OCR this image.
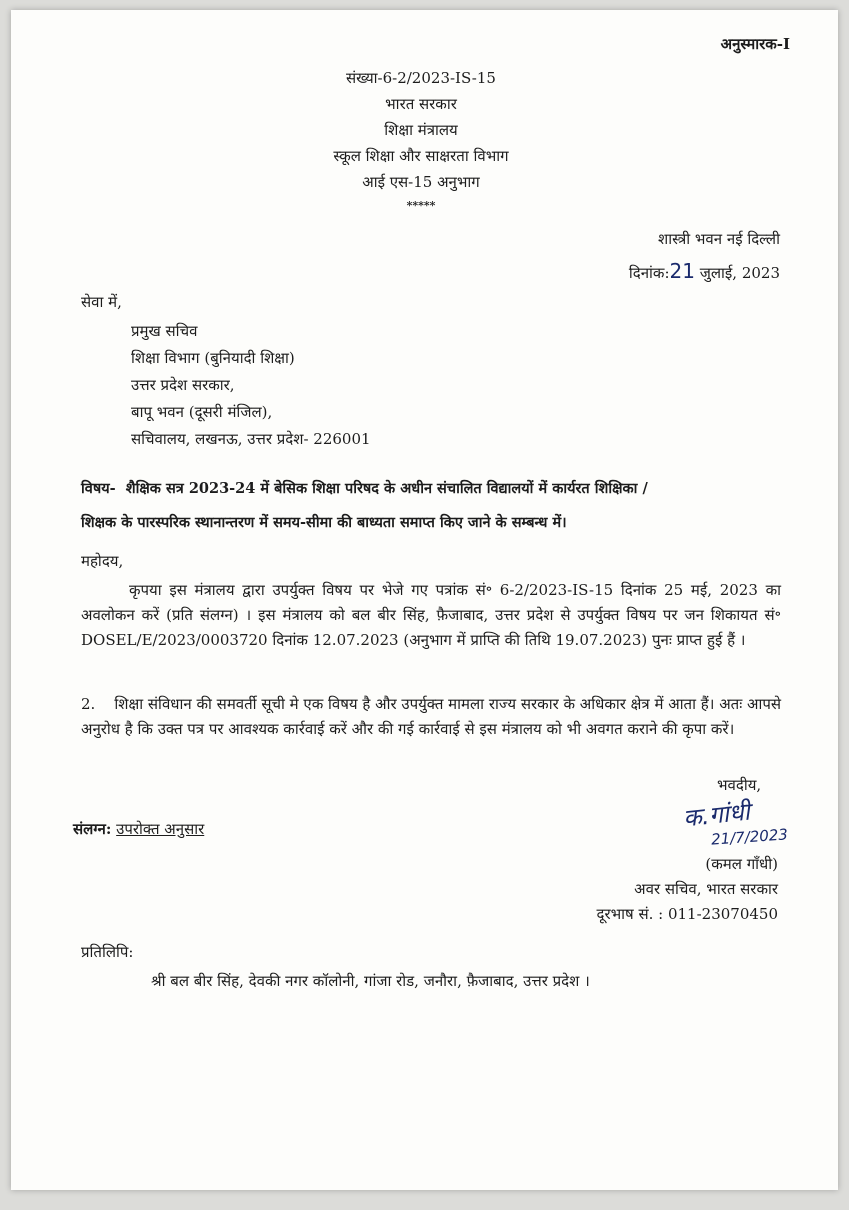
अनुस्मारक-I
संख्या-6-2/2023-IS-15
भारत सरकार
शिक्षा मंत्रालय
स्कूल शिक्षा और साक्षरता विभाग
आई एस-15 अनुभाग
*****
शास्त्री भवन नई दिल्ली
दिनांक:21 जुलाई, 2023
सेवा में,
प्रमुख सचिव
शिक्षा विभाग (बुनियादी शिक्षा)
उत्तर प्रदेश सरकार,
बापू भवन (दूसरी मंजिल),
सचिवालय, लखनऊ, उत्तर प्रदेश- 226001
विषय- शैक्षिक सत्र 2023-24 में बेसिक शिक्षा परिषद के अधीन संचालित विद्यालयों में कार्यरत शिक्षिका /
शिक्षक के पारस्परिक स्थानान्तरण में समय-सीमा की बाध्यता समाप्त किए जाने के सम्बन्ध में।
महोदय,
कृपया इस मंत्रालय द्वारा उपर्युक्त विषय पर भेजे गए पत्रांक सं॰ 6-2/2023-IS-15 दिनांक 25 मई, 2023 का अवलोकन करें (प्रति संलग्न) । इस मंत्रालय को बल बीर सिंह, फ़ैजाबाद, उत्तर प्रदेश से उपर्युक्त विषय पर जन शिकायत सं॰ DOSEL/E/2023/0003720 दिनांक 12.07.2023 (अनुभाग में प्राप्ति की तिथि 19.07.2023) पुनः प्राप्त हुई हैं ।
2. शिक्षा संविधान की समवर्ती सूची मे एक विषय है और उपर्युक्त मामला राज्य सरकार के अधिकार क्षेत्र में आता हैं। अतः आपसे अनुरोध है कि उक्त पत्र पर आवश्यक कार्रवाई करें और की गई कार्रवाई से इस मंत्रालय को भी अवगत कराने की कृपा करें।
भवदीय,
संलग्न: उपरोक्त अनुसार	क.गांधी
21/7/2023
(कमल गाँधी)
अवर सचिव, भारत सरकार
दूरभाष सं. : 011-23070450
प्रतिलिपि:
श्री बल बीर सिंह, देवकी नगर कॉलोनी, गांजा रोड, जनौरा, फ़ैजाबाद, उत्तर प्रदेश ।
